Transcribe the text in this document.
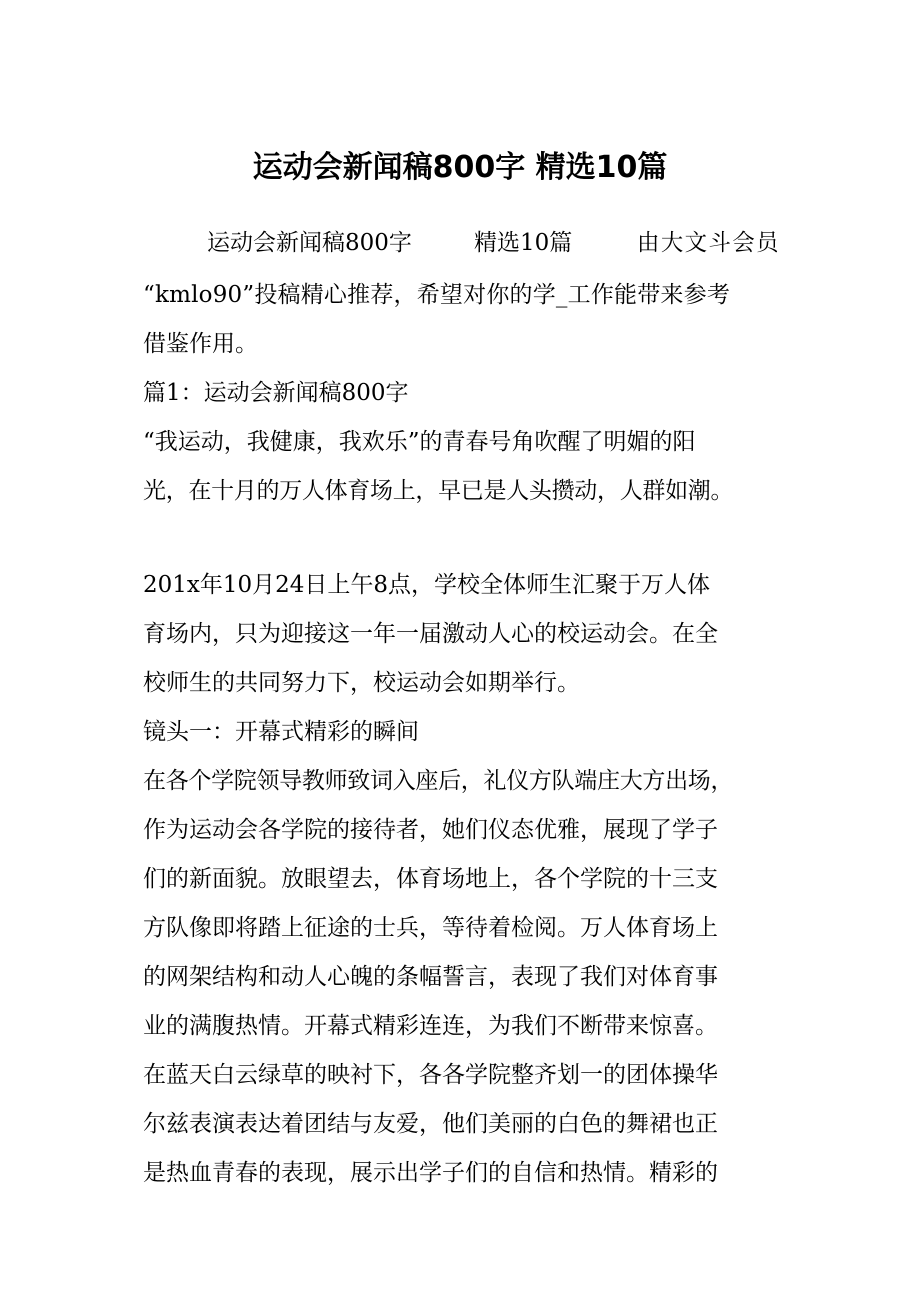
运动会新闻稿800字 精选10篇
运动会新闻稿800字	精选10篇	由大文斗会员

“kmlo90”投稿精心推荐，希望对你的学_工作能带来参考

借鉴作用。

篇1：运动会新闻稿800字

“我运动，我健康，我欢乐”的青春号角吹醒了明媚的阳

光，在十月的万人体育场上，早已是人头攒动，人群如潮。

201x年10月24日上午8点，学校全体师生汇聚于万人体

育场内，只为迎接这一年一届激动人心的校运动会。在全

校师生的共同努力下，校运动会如期举行。

镜头一：开幕式精彩的瞬间

在各个学院领导教师致词入座后，礼仪方队端庄大方出场，

作为运动会各学院的接待者，她们仪态优雅，展现了学子

们的新面貌。放眼望去，体育场地上，各个学院的十三支

方队像即将踏上征途的士兵，等待着检阅。万人体育场上

的网架结构和动人心魄的条幅誓言，表现了我们对体育事

业的满腹热情。开幕式精彩连连，为我们不断带来惊喜。

在蓝天白云绿草的映衬下，各各学院整齐划一的团体操华

尔兹表演表达着团结与友爱，他们美丽的白色的舞裙也正

是热血青春的表现，展示出学子们的自信和热情。精彩的
